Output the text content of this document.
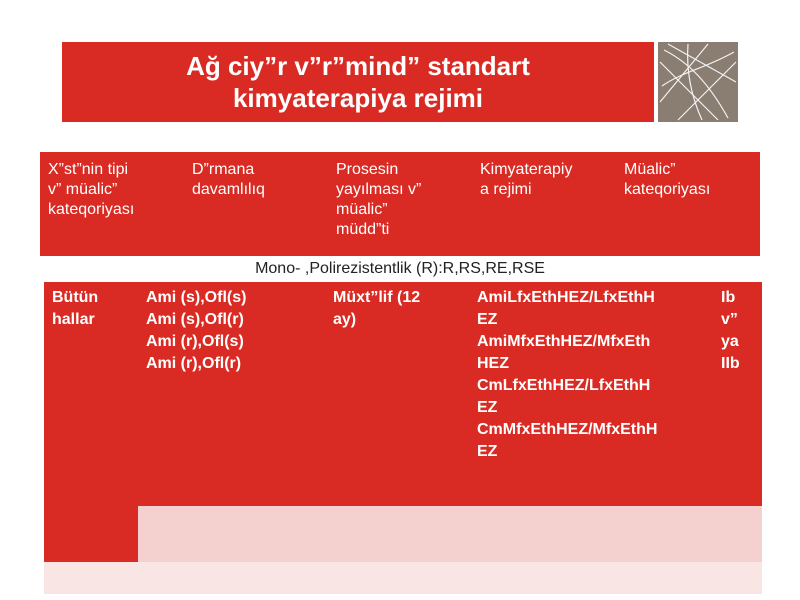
Ağ ciy”r v”r”mind” standart
kimyaterapiya rejimi
X”st”nin tipi
v” müalic”
kateqoriyası
D”rmana
davamlılıq
Prosesin
yayılması v”
müalic”
müdd”ti
Kimyaterapiy
a rejimi
Müalic”
kateqoriyası
Mono- ,Polirezistentlik (R):R,RS,RE,RSE
Bütün
hallar
Ami (s),Ofl(s)
Ami (s),Ofl(r)
Ami (r),Ofl(s)
Ami (r),Ofl(r)
Müxt”lif (12
ay)
AmiLfxEthHEZ/LfxEthH
EZ
AmiMfxEthHEZ/MfxEth
HEZ
CmLfxEthHEZ/LfxEthH
EZ
CmMfxEthHEZ/MfxEthH
EZ
Ib
v”
ya
IIb
